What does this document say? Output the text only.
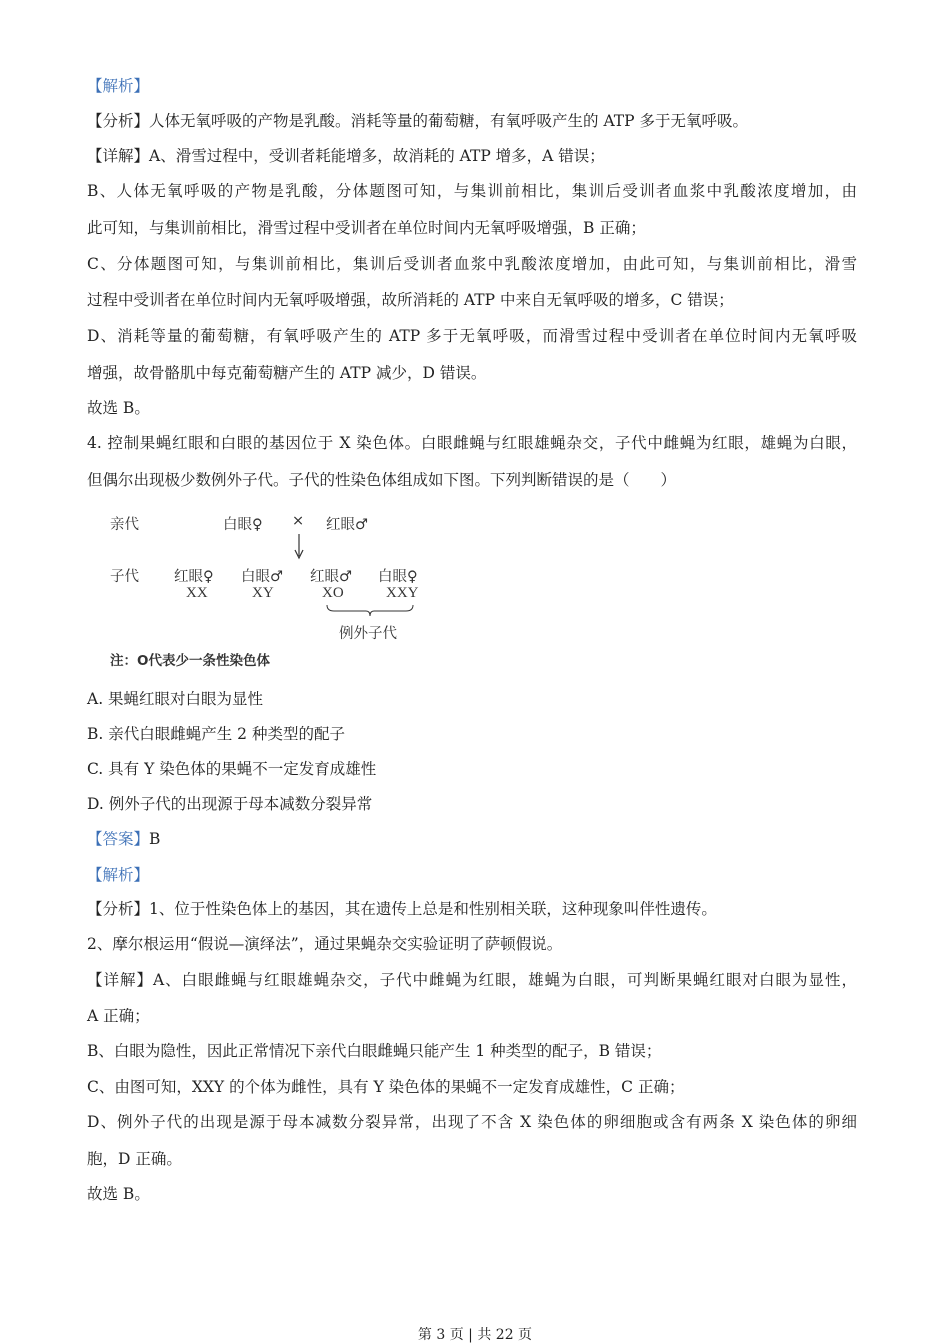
【解析】
【分析】人体无氧呼吸的产物是乳酸。消耗等量的葡萄糖，有氧呼吸产生的 ATP 多于无氧呼吸。
【详解】A、滑雪过程中，受训者耗能增多，故消耗的 ATP 增多，A 错误；
B、人体无氧呼吸的产物是乳酸，分体题图可知，与集训前相比，集训后受训者血浆中乳酸浓度增加，由
此可知，与集训前相比，滑雪过程中受训者在单位时间内无氧呼吸增强，B 正确；
C、分体题图可知，与集训前相比，集训后受训者血浆中乳酸浓度增加，由此可知，与集训前相比，滑雪
过程中受训者在单位时间内无氧呼吸增强，故所消耗的 ATP 中来自无氧呼吸的增多，C 错误；
D、消耗等量的葡萄糖，有氧呼吸产生的 ATP 多于无氧呼吸，而滑雪过程中受训者在单位时间内无氧呼吸
增强，故骨骼肌中每克葡萄糖产生的 ATP 减少，D 错误。
故选 B。
4. 控制果蝇红眼和白眼的基因位于 X 染色体。白眼雌蝇与红眼雄蝇杂交，子代中雌蝇为红眼，雄蝇为白眼，
但偶尔出现极少数例外子代。子代的性染色体组成如下图。下列判断错误的是（　　）
亲代	白眼♀ × 红眼♂
子代 红眼♀
XX
白眼♂
XY
红眼♂
XO
白眼♀
XXY
例外子代
注：O代表少一条性染色体
A. 果蝇红眼对白眼为显性
B. 亲代白眼雌蝇产生 2 种类型的配子
C. 具有 Y 染色体的果蝇不一定发育成雄性
D. 例外子代的出现源于母本减数分裂异常
【答案】B
【解析】
【分析】1、位于性染色体上的基因，其在遗传上总是和性别相关联，这种现象叫伴性遗传。
2、摩尔根运用“假说—演绎法”，通过果蝇杂交实验证明了萨顿假说。
【详解】A、白眼雌蝇与红眼雄蝇杂交，子代中雌蝇为红眼，雄蝇为白眼，可判断果蝇红眼对白眼为显性，
A 正确；
B、白眼为隐性，因此正常情况下亲代白眼雌蝇只能产生 1 种类型的配子，B 错误；
C、由图可知，XXY 的个体为雌性，具有 Y 染色体的果蝇不一定发育成雄性，C 正确；
D、例外子代的出现是源于母本减数分裂异常，出现了不含 X 染色体的卵细胞或含有两条 X 染色体的卵细
胞，D 正确。
故选 B。
第 3 页 | 共 22 页
